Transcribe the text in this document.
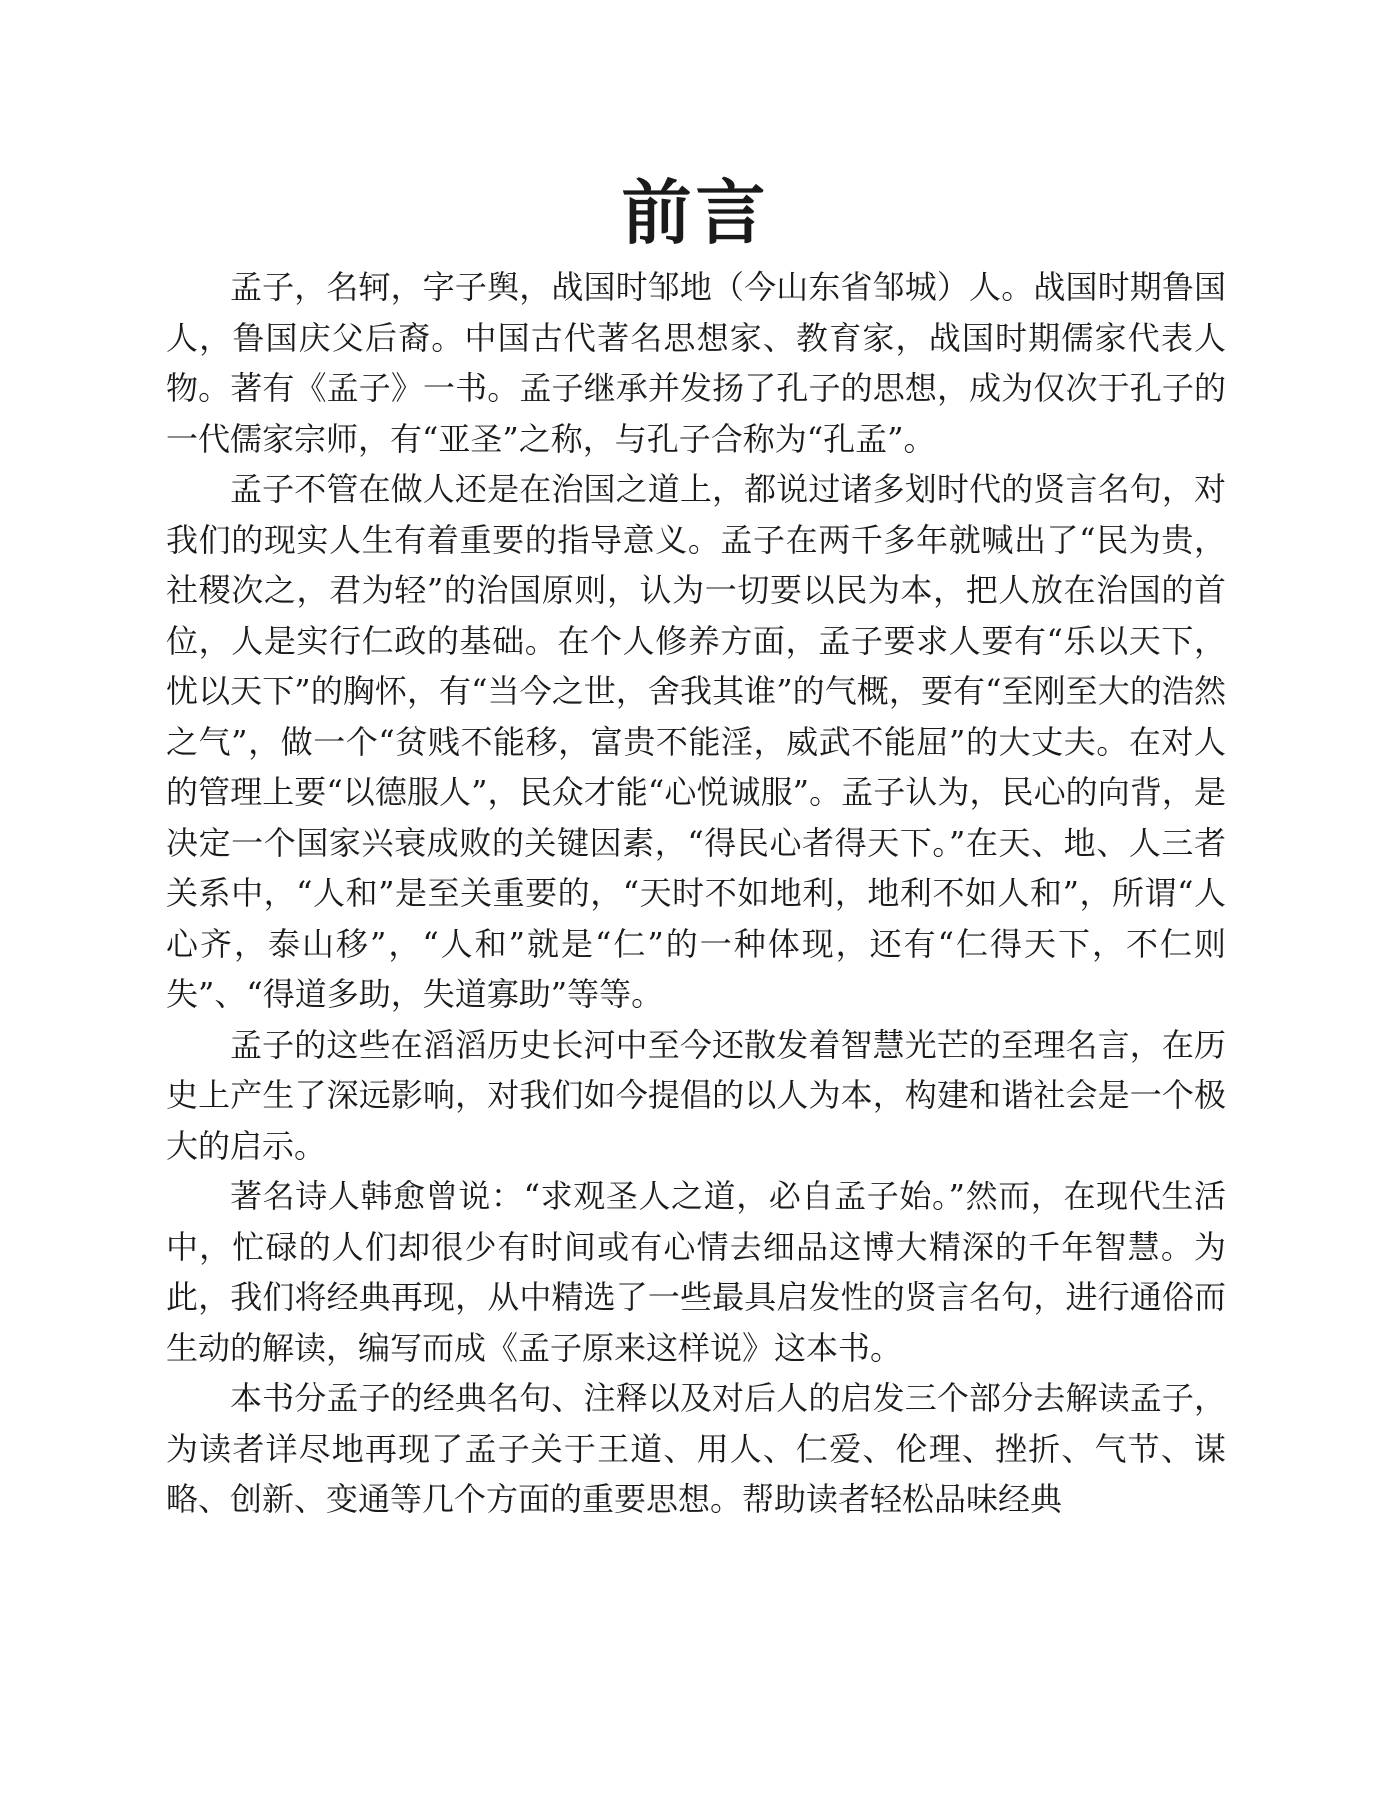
前言

孟子，名轲，字子舆，战国时邹地（今山东省邹城）人。战国时期鲁国人，鲁国庆父后裔。中国古代著名思想家、教育家，战国时期儒家代表人物。著有《孟子》一书。孟子继承并发扬了孔子的思想，成为仅次于孔子的一代儒家宗师，有“亚圣”之称，与孔子合称为“孔孟”。

孟子不管在做人还是在治国之道上，都说过诸多划时代的贤言名句，对我们的现实人生有着重要的指导意义。孟子在两千多年就喊出了“民为贵，社稷次之，君为轻”的治国原则，认为一切要以民为本，把人放在治国的首位，人是实行仁政的基础。在个人修养方面，孟子要求人要有“乐以天下，忧以天下”的胸怀，有“当今之世，舍我其谁”的气概，要有“至刚至大的浩然之气”，做一个“贫贱不能移，富贵不能淫，威武不能屈”的大丈夫。在对人的管理上要“以德服人”，民众才能“心悦诚服”。孟子认为，民心的向背，是决定一个国家兴衰成败的关键因素，“得民心者得天下。”在天、地、人三者关系中，“人和”是至关重要的，“天时不如地利，地利不如人和”，所谓“人心齐，泰山移”，“人和”就是“仁”的一种体现，还有“仁得天下，不仁则失”、“得道多助，失道寡助”等等。

孟子的这些在滔滔历史长河中至今还散发着智慧光芒的至理名言，在历史上产生了深远影响，对我们如今提倡的以人为本，构建和谐社会是一个极大的启示。

著名诗人韩愈曾说：“求观圣人之道，必自孟子始。”然而，在现代生活中，忙碌的人们却很少有时间或有心情去细品这博大精深的千年智慧。为此，我们将经典再现，从中精选了一些最具启发性的贤言名句，进行通俗而生动的解读，编写而成《孟子原来这样说》这本书。

本书分孟子的经典名句、注释以及对后人的启发三个部分去解读孟子，为读者详尽地再现了孟子关于王道、用人、仁爱、伦理、挫折、气节、谋略、创新、变通等几个方面的重要思想。帮助读者轻松品味经典
